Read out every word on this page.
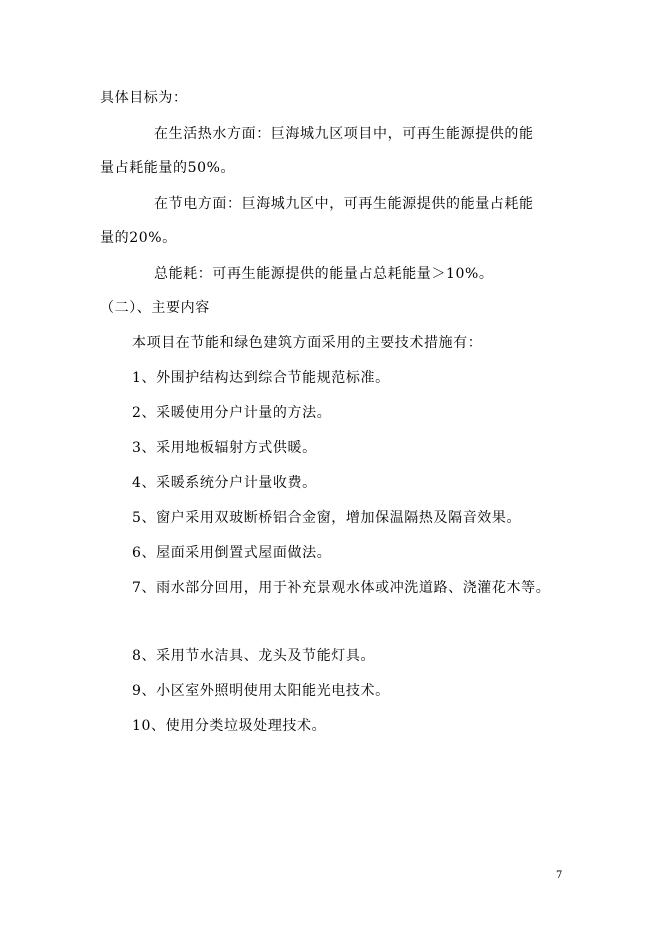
具体目标为：
在生活热水方面：巨海城九区项目中，可再生能源提供的能
量占耗能量的50%。
在节电方面：巨海城九区中，可再生能源提供的能量占耗能
量的20%。
总能耗：可再生能源提供的能量占总耗能量＞10%。
（二）、主要内容
本项目在节能和绿色建筑方面采用的主要技术措施有：
1、外围护结构达到综合节能规范标准。
2、采暖使用分户计量的方法。
3、采用地板辐射方式供暖。
4、采暖系统分户计量收费。
5、窗户采用双玻断桥铝合金窗，增加保温隔热及隔音效果。
6、屋面采用倒置式屋面做法。
7、雨水部分回用，用于补充景观水体或冲洗道路、浇灌花木等。
8、采用节水洁具、龙头及节能灯具。
9、小区室外照明使用太阳能光电技术。
10、使用分类垃圾处理技术。
7
